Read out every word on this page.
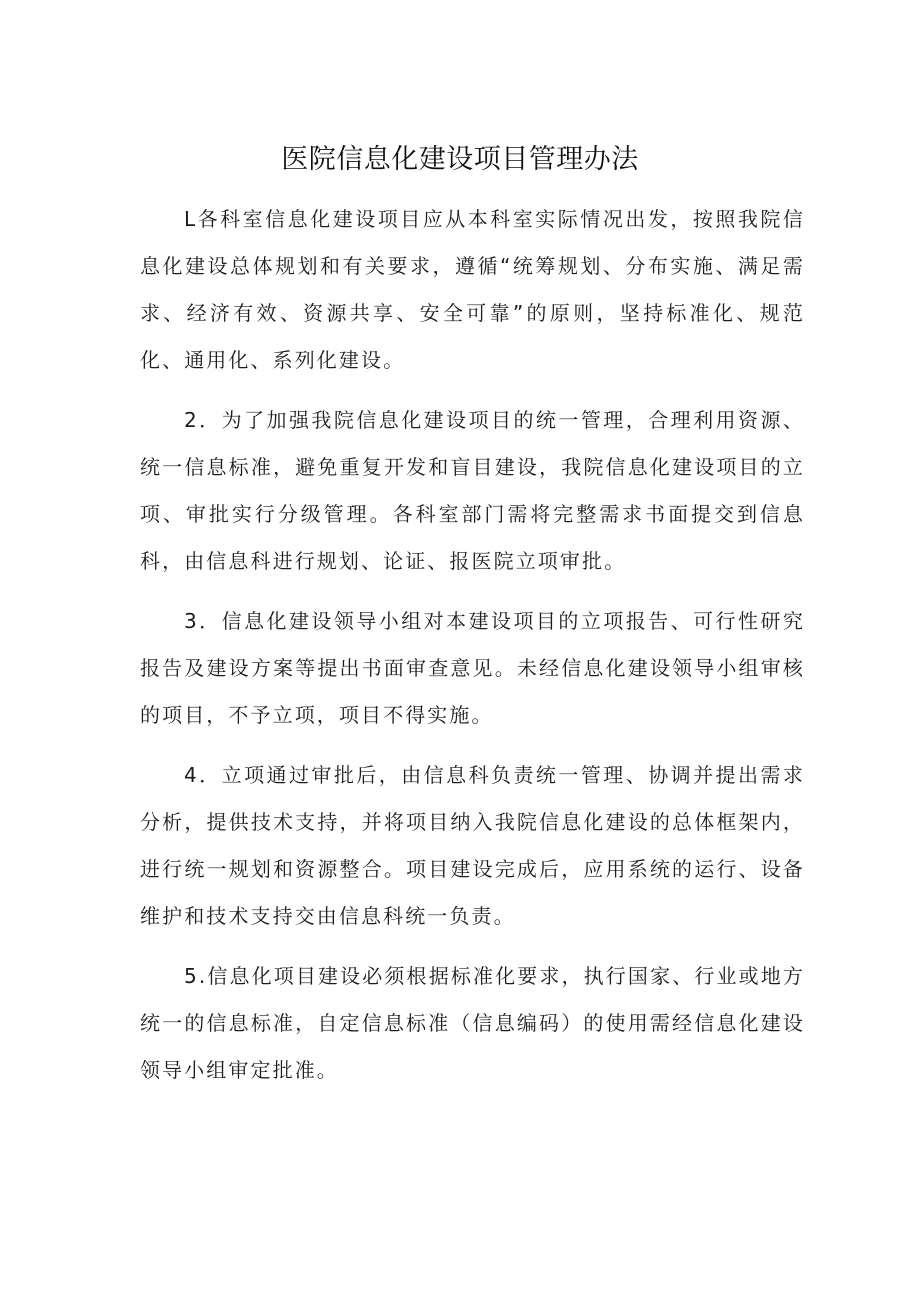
医院信息化建设项目管理办法

L各科室信息化建设项目应从本科室实际情况出发，按照我院信息化建设总体规划和有关要求，遵循“统筹规划、分布实施、满足需求、经济有效、资源共享、安全可靠”的原则，坚持标准化、规范化、通用化、系列化建设。

2．为了加强我院信息化建设项目的统一管理，合理利用资源、统一信息标准，避免重复开发和盲目建设，我院信息化建设项目的立项、审批实行分级管理。各科室部门需将完整需求书面提交到信息科，由信息科进行规划、论证、报医院立项审批。

3．信息化建设领导小组对本建设项目的立项报告、可行性研究报告及建设方案等提出书面审查意见。未经信息化建设领导小组审核的项目，不予立项，项目不得实施。

4．立项通过审批后，由信息科负责统一管理、协调并提出需求分析，提供技术支持，并将项目纳入我院信息化建设的总体框架内，进行统一规划和资源整合。项目建设完成后，应用系统的运行、设备维护和技术支持交由信息科统一负责。

5.信息化项目建设必须根据标准化要求，执行国家、行业或地方统一的信息标准，自定信息标准（信息编码）的使用需经信息化建设领导小组审定批准。
